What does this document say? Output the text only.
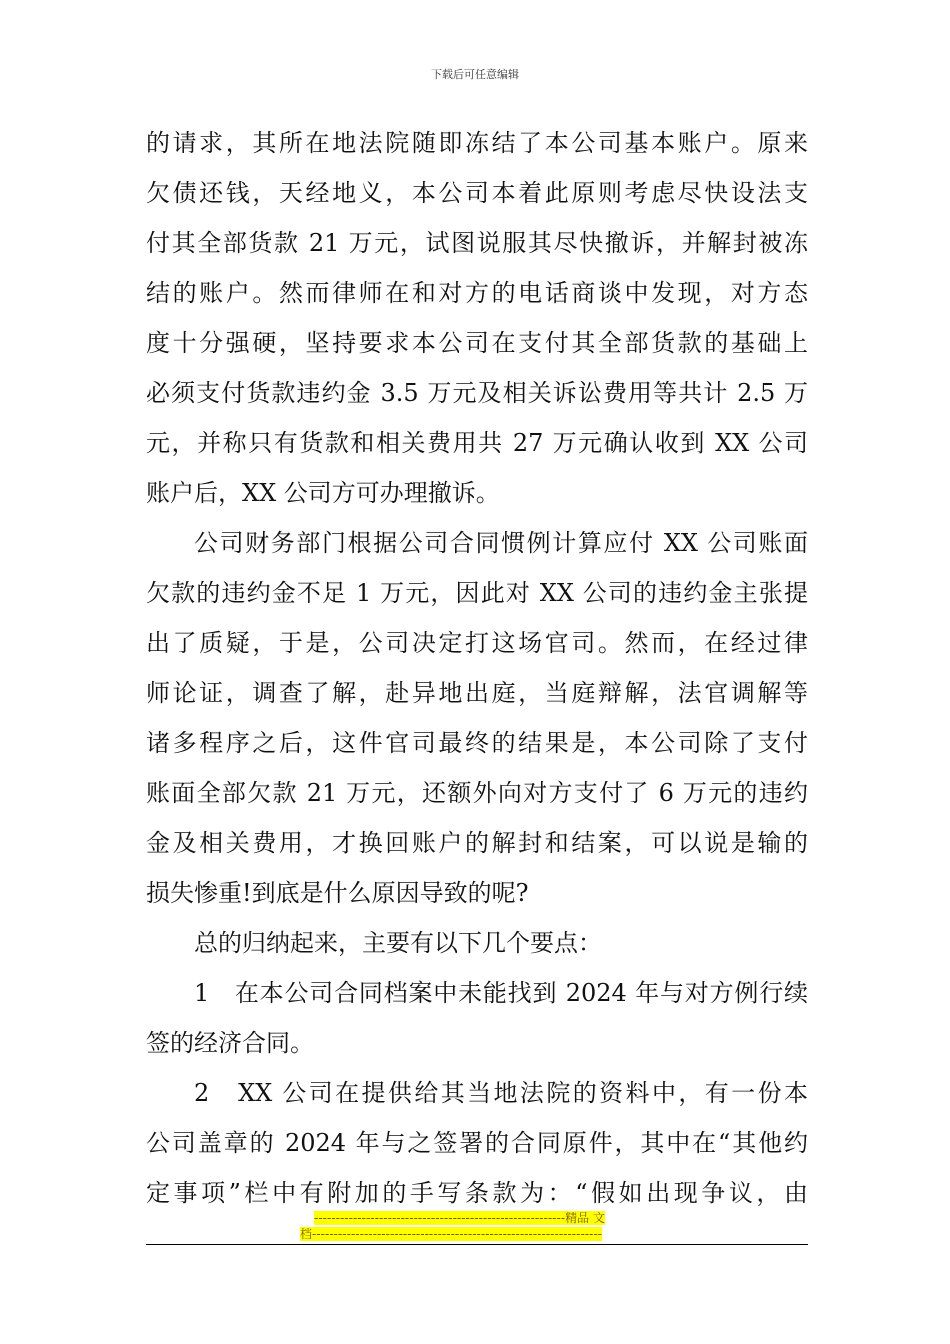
下载后可任意编辑
的请求，其所在地法院随即冻结了本公司基本账户。原来
欠债还钱，天经地义，本公司本着此原则考虑尽快设法支
付其全部货款 21 万元，试图说服其尽快撤诉，并解封被冻
结的账户。然而律师在和对方的电话商谈中发现，对方态
度十分强硬，坚持要求本公司在支付其全部货款的基础上
必须支付货款违约金 3.5 万元及相关诉讼费用等共计 2.5 万
元，并称只有货款和相关费用共 27 万元确认收到 XX 公司
账户后，XX 公司方可办理撤诉。
公司财务部门根据公司合同惯例计算应付 XX 公司账面
欠款的违约金不足 1 万元，因此对 XX 公司的违约金主张提
出了质疑，于是，公司决定打这场官司。然而，在经过律
师论证，调查了解，赴异地出庭，当庭辩解，法官调解等
诸多程序之后，这件官司最终的结果是，本公司除了支付
账面全部欠款 21 万元，还额外向对方支付了 6 万元的违约
金及相关费用，才换回账户的解封和结案，可以说是输的
损失惨重!到底是什么原因导致的呢?
总的归纳起来，主要有以下几个要点：
1　在本公司合同档案中未能找到 2024 年与对方例行续
签的经济合同。
2　XX 公司在提供给其当地法院的资料中，有一份本
公司盖章的 2024 年与之签署的合同原件，其中在“其他约
定事项”栏中有附加的手写条款为：“假如出现争议，由
----------------------------------------------------------精品 文
档-------------------------------------------------------------------
